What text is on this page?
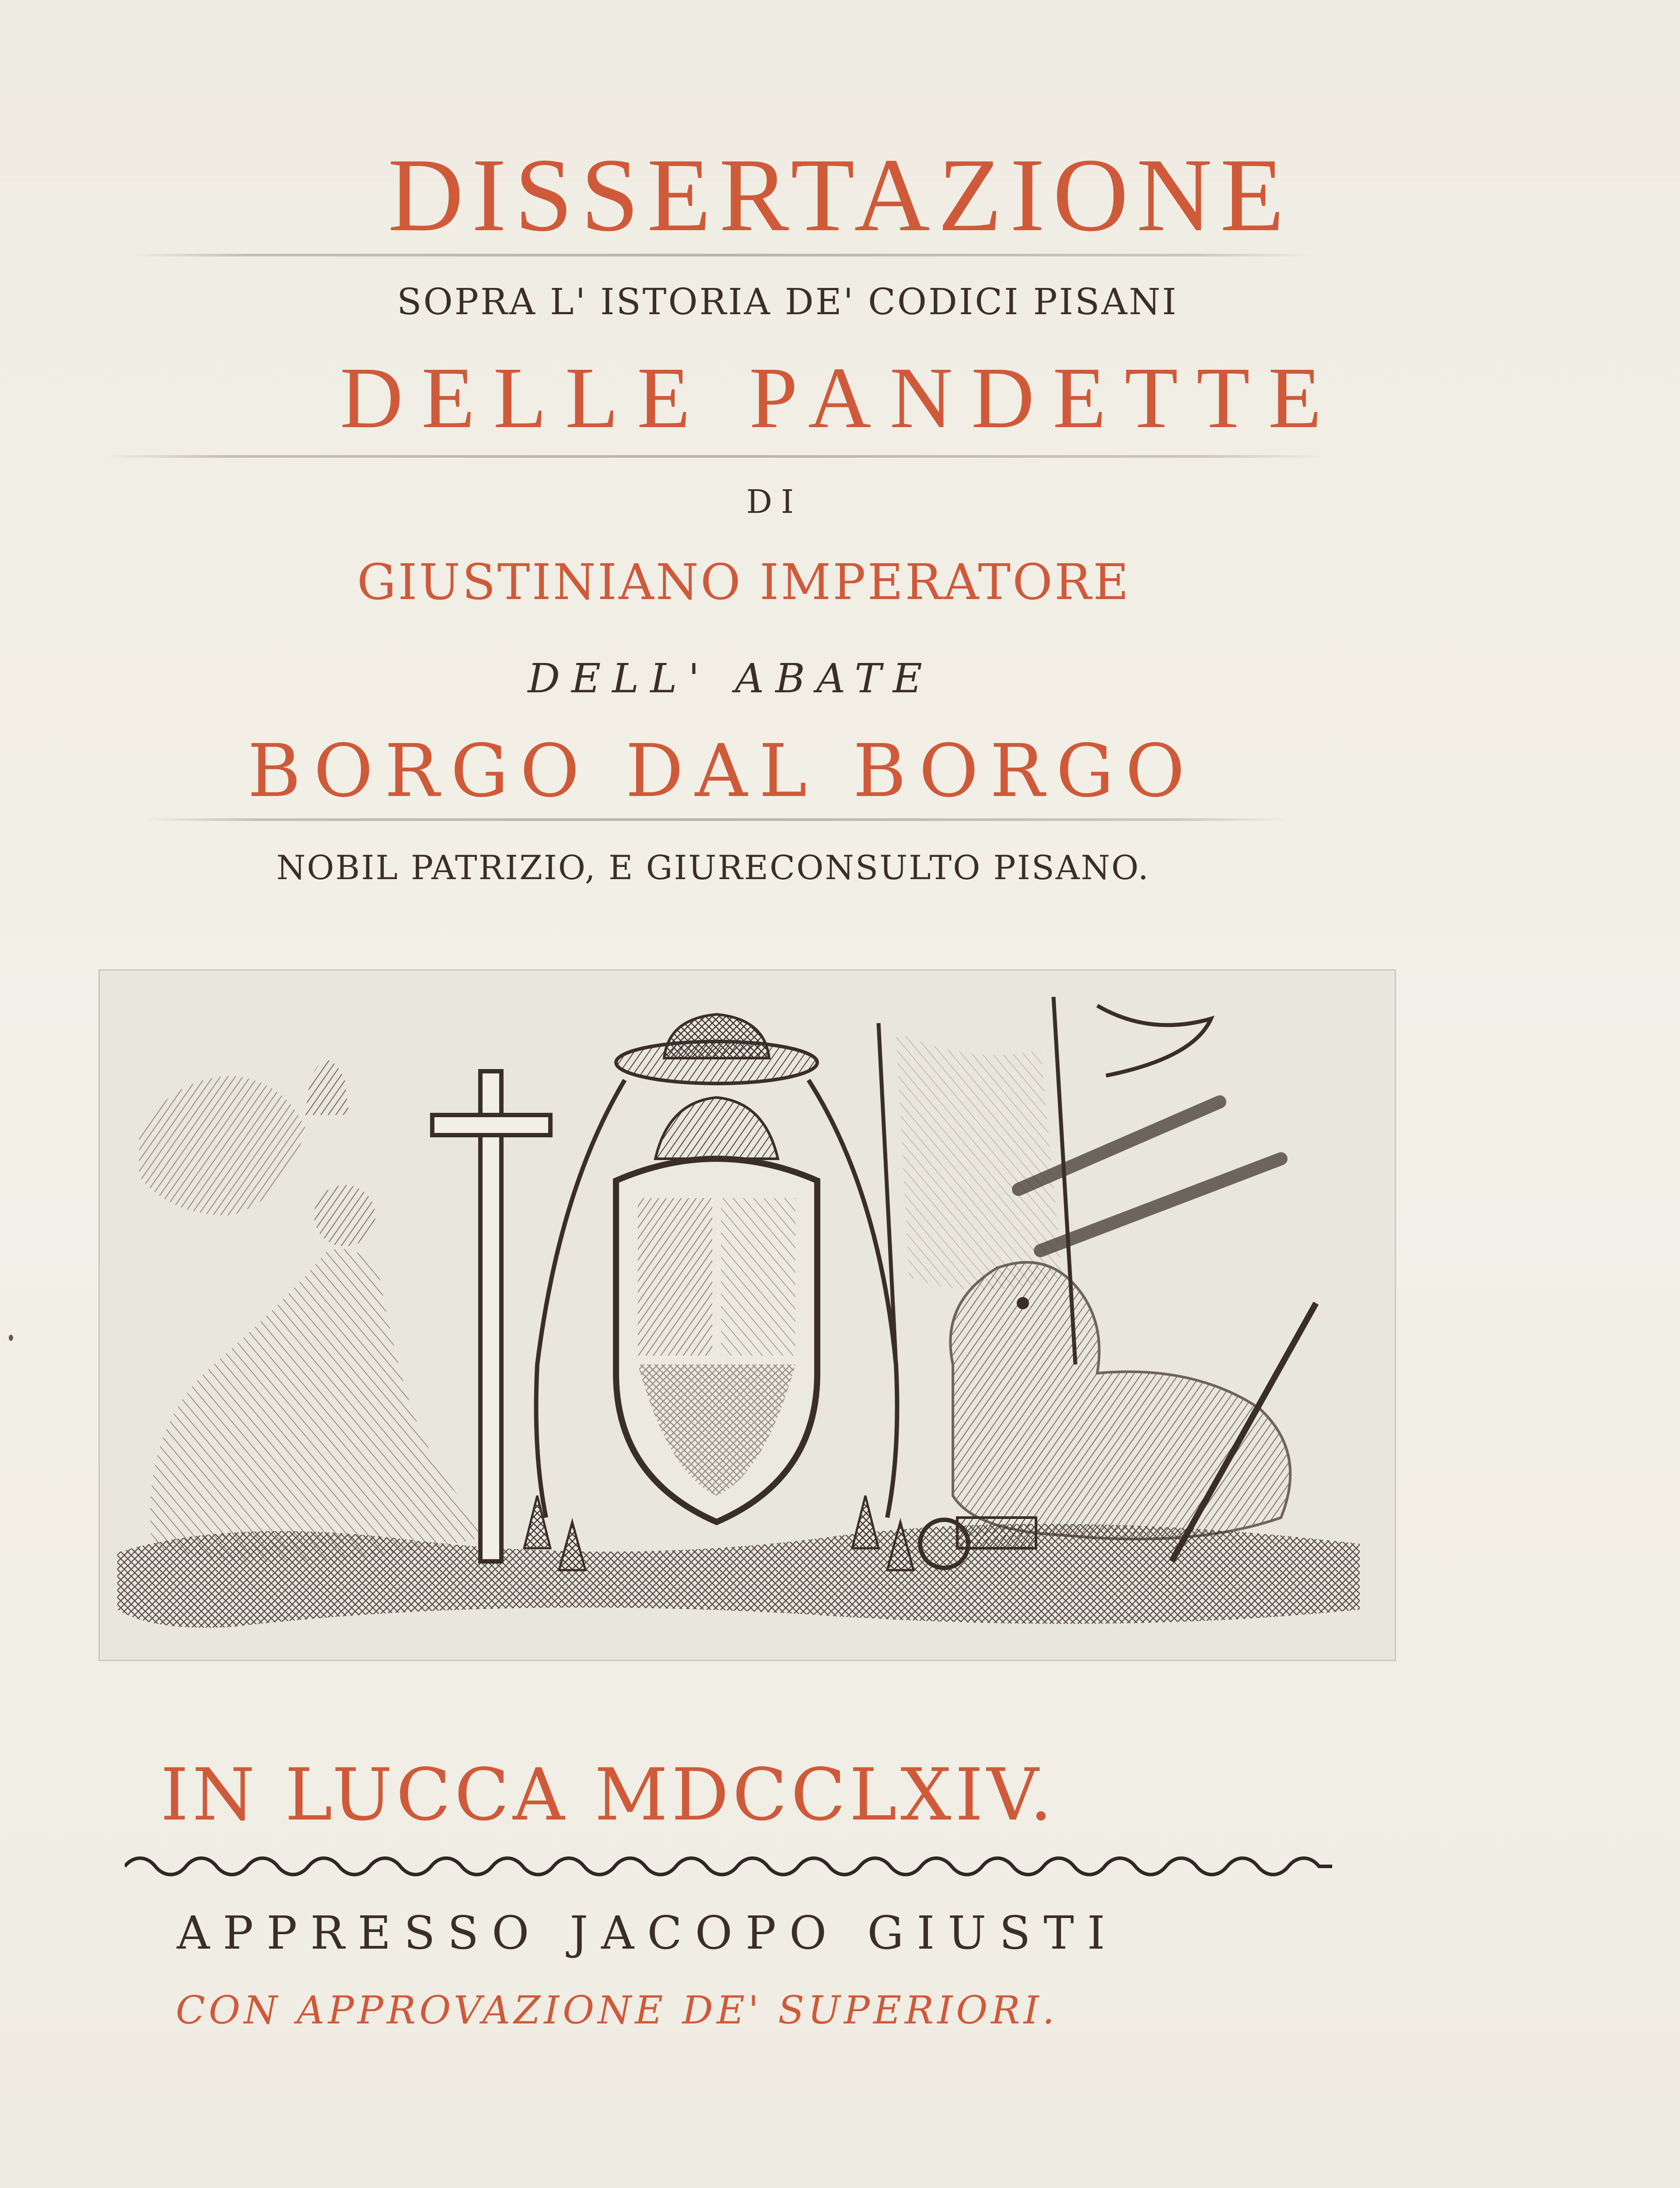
DISSERTAZIONE
SOPRA L' ISTORIA DE' CODICI PISANI
DELLE PANDETTE
DI
GIUSTINIANO IMPERATORE
DELL' ABATE
BORGO DAL BORGO
NOBIL PATRIZIO, E GIURECONSULTO PISANO.
IN LUCCA MDCCLXIV.
APPRESSO JACOPO GIUSTI
CON APPROVAZIONE DE' SUPERIORI.
